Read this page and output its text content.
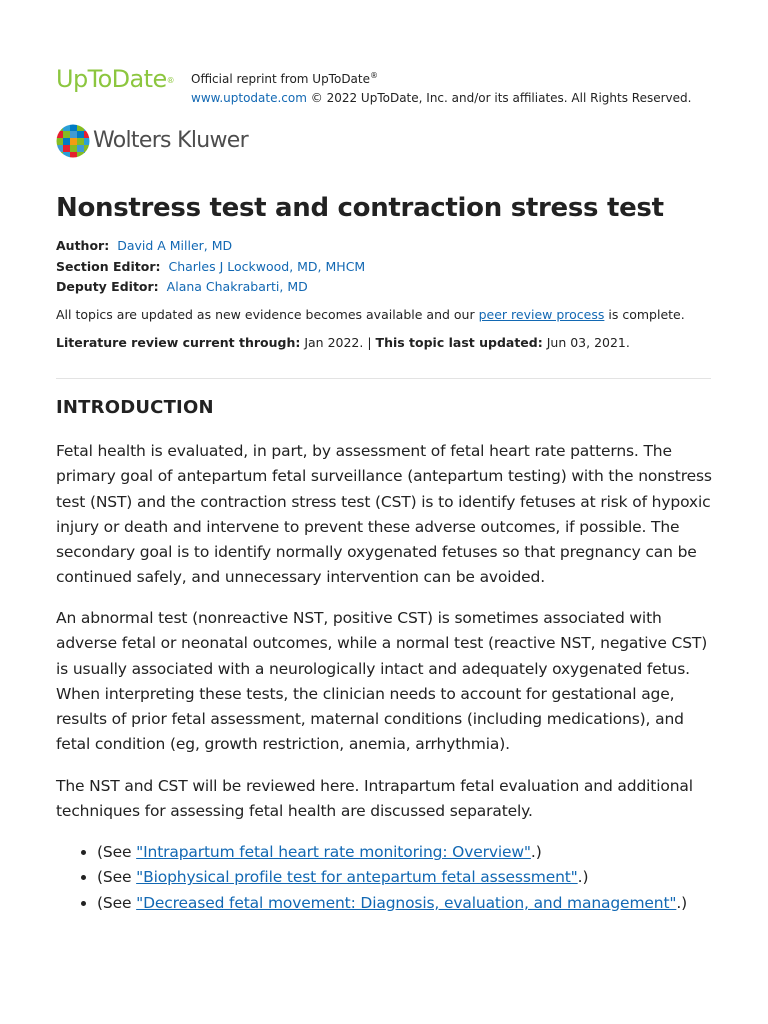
UpToDate® Official reprint from UpToDate®
www.uptodate.com © 2022 UpToDate, Inc. and/or its affiliates. All Rights Reserved.
Wolters Kluwer
Nonstress test and contraction stress test
Author: David A Miller, MD
Section Editor: Charles J Lockwood, MD, MHCM
Deputy Editor: Alana Chakrabarti, MD
All topics are updated as new evidence becomes available and our peer review process is complete.
Literature review current through: Jan 2022. | This topic last updated: Jun 03, 2021.
INTRODUCTION

Fetal health is evaluated, in part, by assessment of fetal heart rate patterns. The primary goal of antepartum fetal surveillance (antepartum testing) with the nonstress test (NST) and the contraction stress test (CST) is to identify fetuses at risk of hypoxic injury or death and intervene to prevent these adverse outcomes, if possible. The secondary goal is to identify normally oxygenated fetuses so that pregnancy can be continued safely, and unnecessary intervention can be avoided.

An abnormal test (nonreactive NST, positive CST) is sometimes associated with adverse fetal or neonatal outcomes, while a normal test (reactive NST, negative CST) is usually associated with a neurologically intact and adequately oxygenated fetus. When interpreting these tests, the clinician needs to account for gestational age, results of prior fetal assessment, maternal conditions (including medications), and fetal condition (eg, growth restriction, anemia, arrhythmia).

The NST and CST will be reviewed here. Intrapartum fetal evaluation and additional techniques for assessing fetal health are discussed separately.

• (See "Intrapartum fetal heart rate monitoring: Overview".)
• (See "Biophysical profile test for antepartum fetal assessment".)
• (See "Decreased fetal movement: Diagnosis, evaluation, and management".)
